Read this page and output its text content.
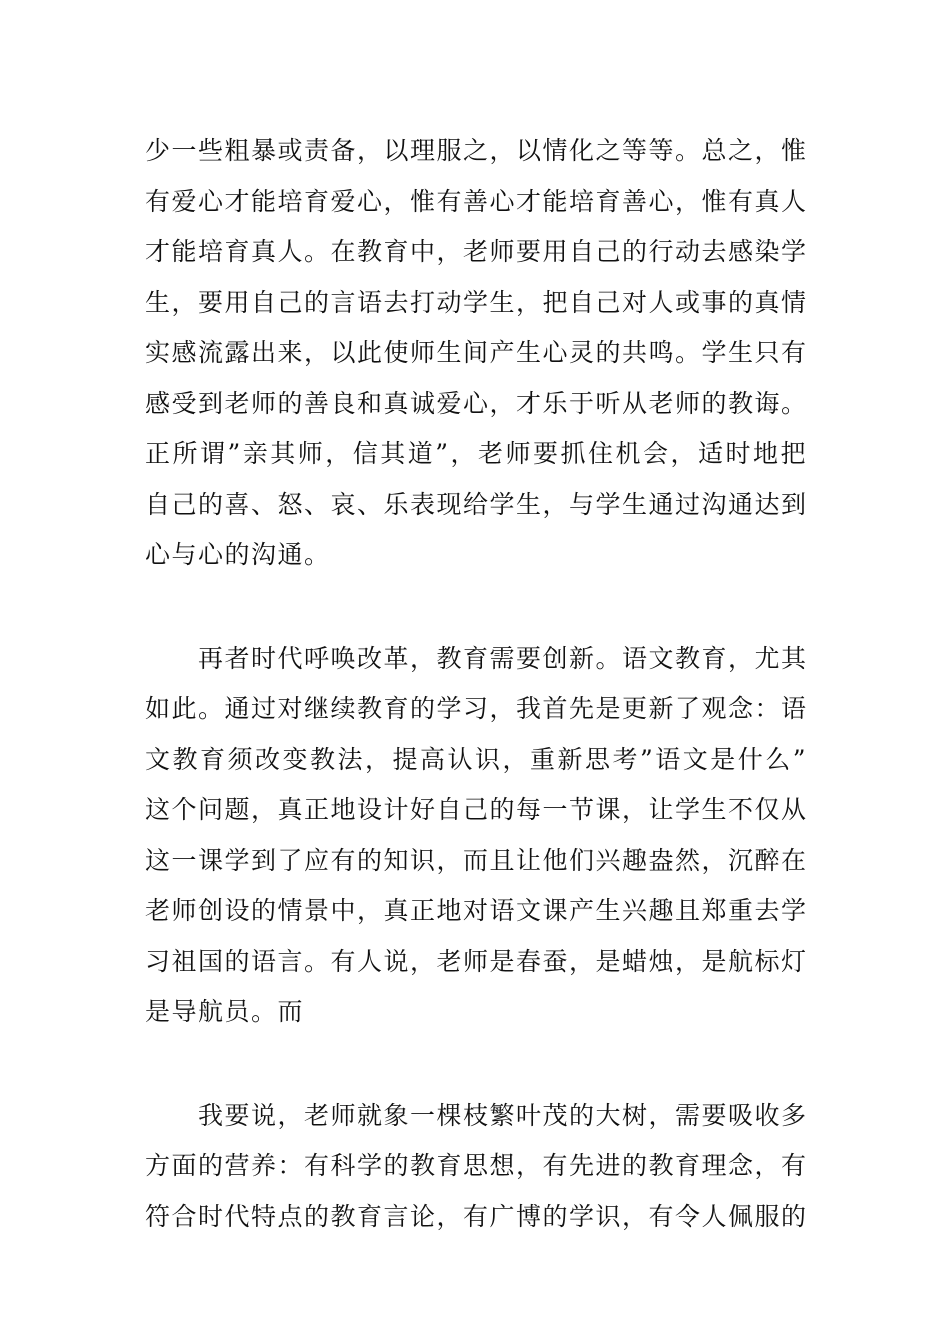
少一些粗暴或责备，以理服之，以情化之等等。总之，惟
有爱心才能培育爱心，惟有善心才能培育善心，惟有真人
才能培育真人。在教育中，老师要用自己的行动去感染学
生，要用自己的言语去打动学生，把自己对人或事的真情
实感流露出来，以此使师生间产生心灵的共鸣。学生只有
感受到老师的善良和真诚爱心，才乐于听从老师的教诲。
正所谓”亲其师，信其道”，老师要抓住机会，适时地把
自己的喜、怒、哀、乐表现给学生，与学生通过沟通达到
心与心的沟通。
　　再者时代呼唤改革，教育需要创新。语文教育，尤其
如此。通过对继续教育的学习，我首先是更新了观念：语
文教育须改变教法，提高认识，重新思考”语文是什么”
这个问题，真正地设计好自己的每一节课，让学生不仅从
这一课学到了应有的知识，而且让他们兴趣盎然，沉醉在
老师创设的情景中，真正地对语文课产生兴趣且郑重去学
习祖国的语言。有人说，老师是春蚕，是蜡烛，是航标灯
是导航员。而
　　我要说，老师就象一棵枝繁叶茂的大树，需要吸收多
方面的营养：有科学的教育思想，有先进的教育理念，有
符合时代特点的教育言论，有广博的学识，有令人佩服的
